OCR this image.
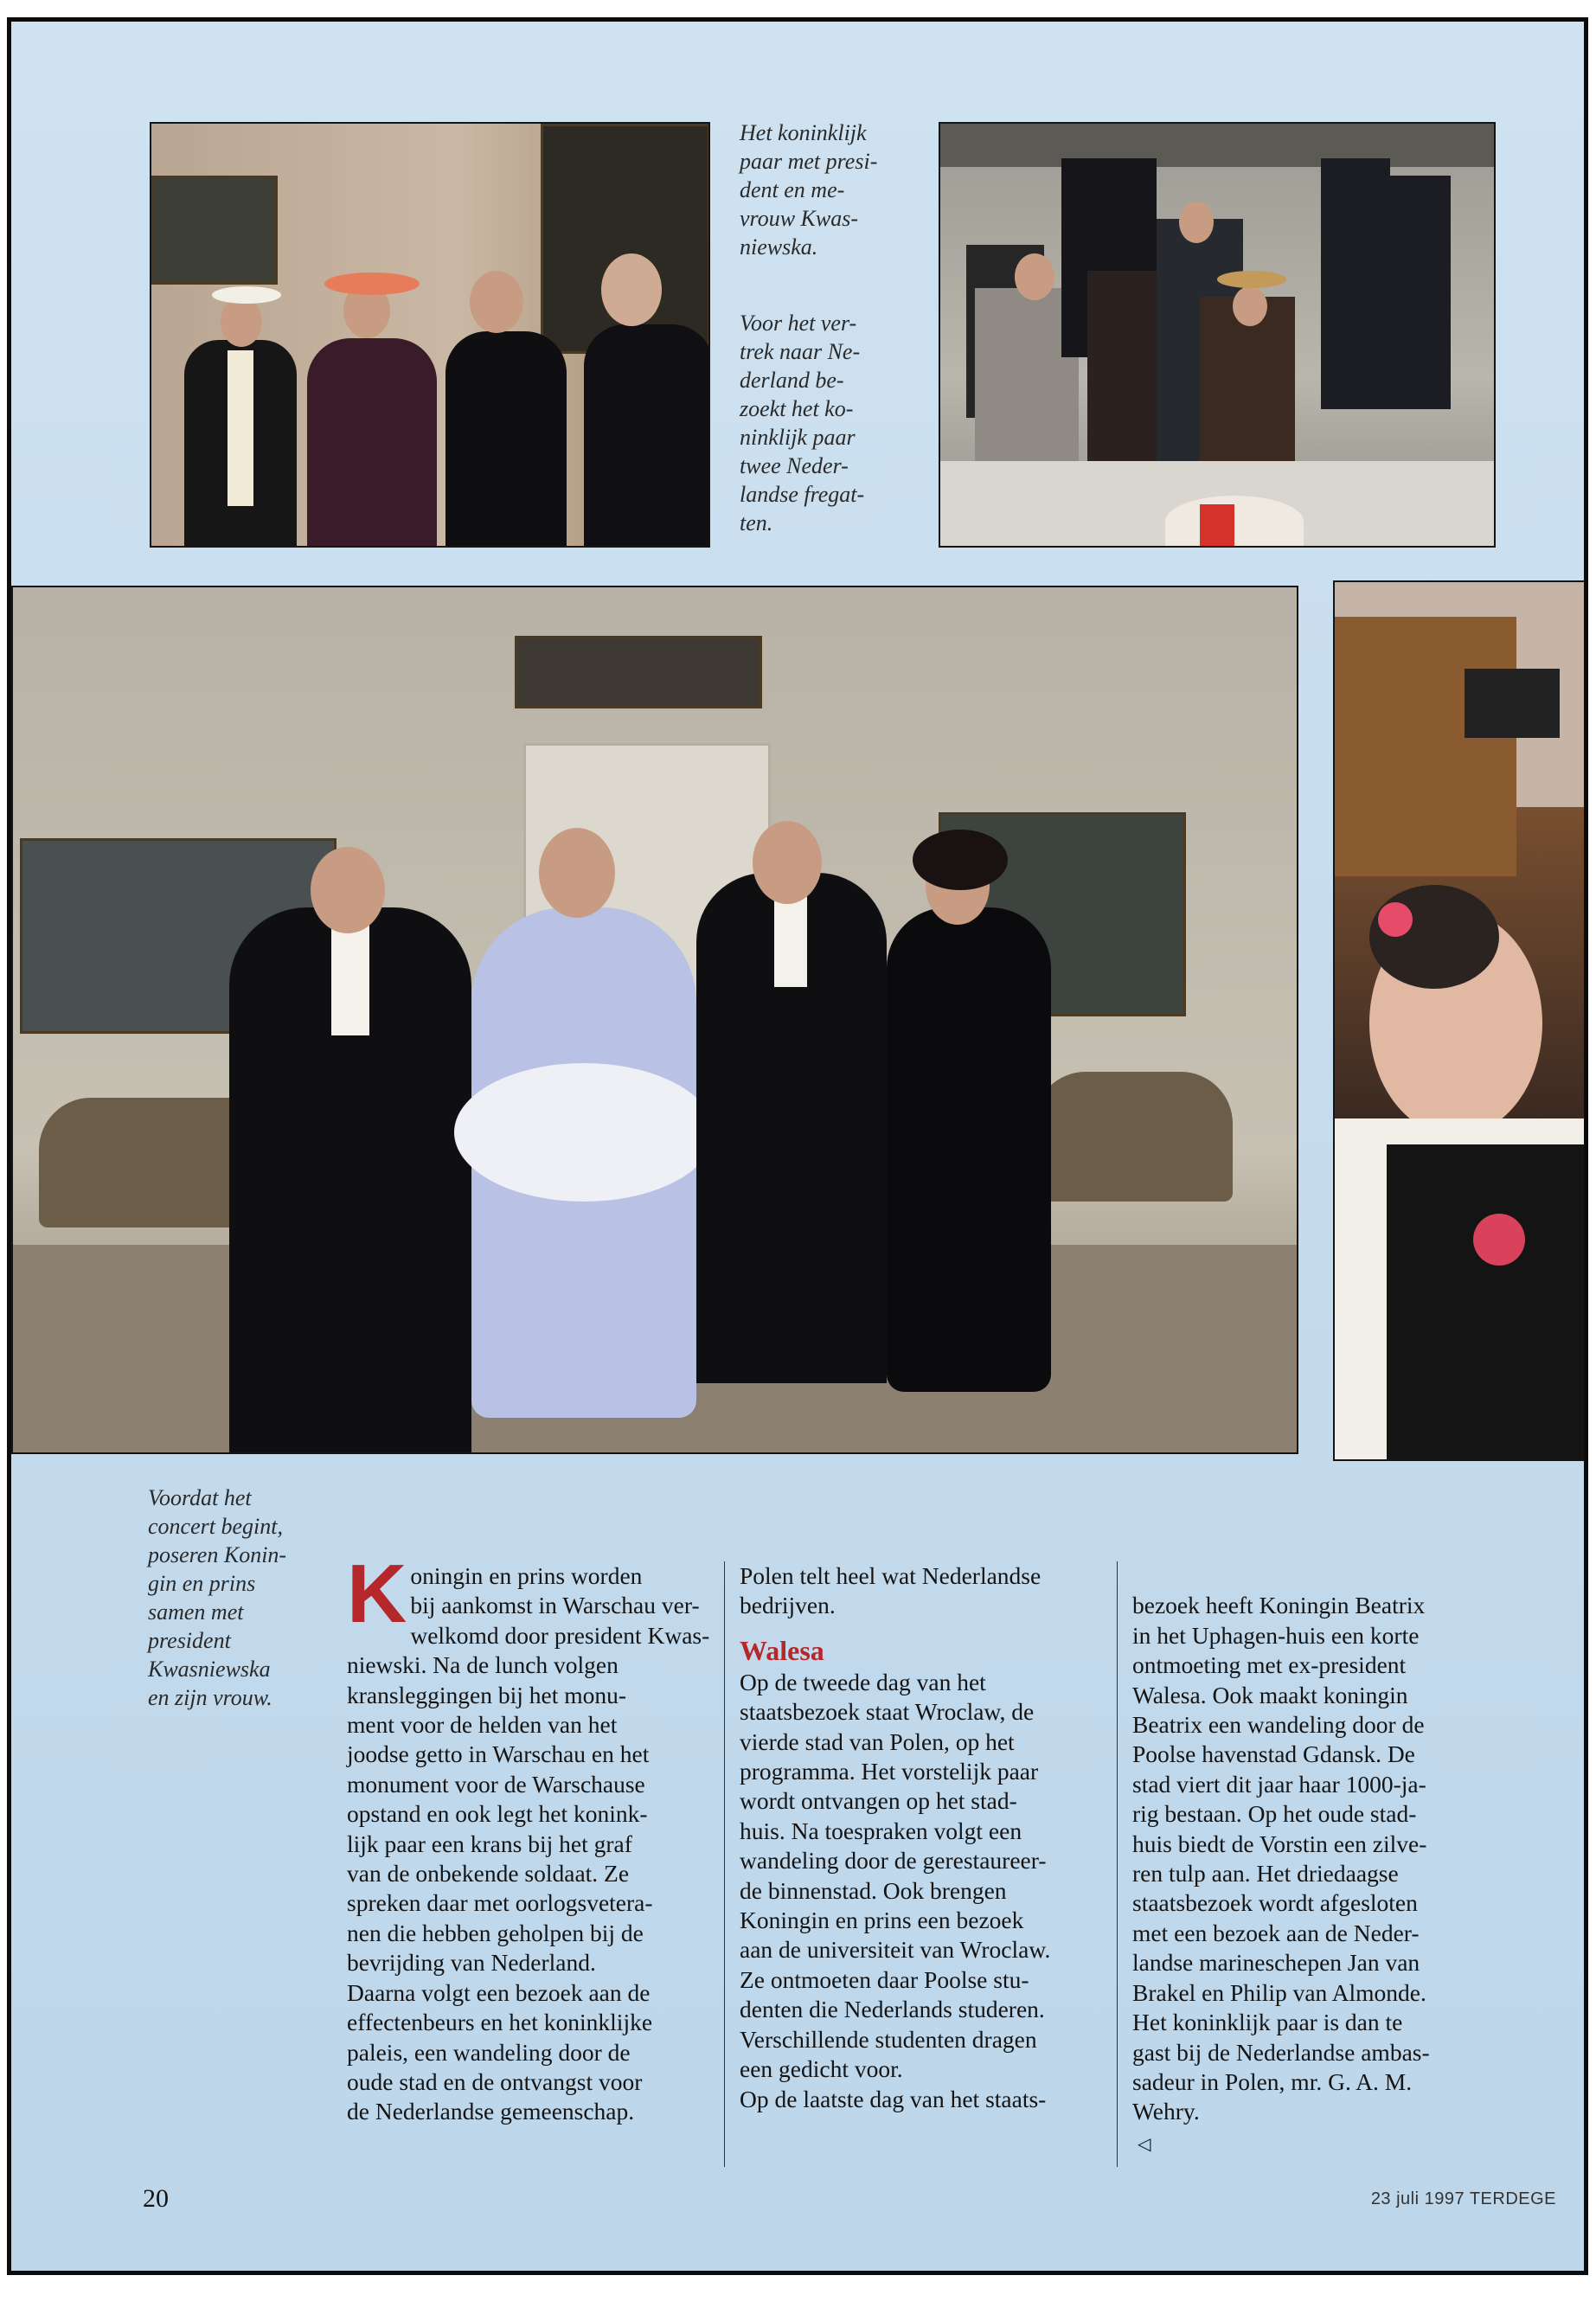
Het koninklijk
paar met presi-
dent en me-
vrouw Kwas-
niewska.
Voor het ver-
trek naar Ne-
derland be-
zoekt het ko-
ninklijk paar
twee Neder-
landse fregat-
ten.
Voordat het
concert begint,
poseren Konin-
gin en prins
samen met
president
Kwasniewska
en zijn vrouw.
K oningin en prins worden
bij aankomst in Warschau ver-
welkomd door president Kwas-
niewski. Na de lunch volgen
kransleggingen bij het monu-
ment voor de helden van het
joodse getto in Warschau en het
monument voor de Warschause
opstand en ook legt het konink-
lijk paar een krans bij het graf
van de onbekende soldaat. Ze
spreken daar met oorlogsvetera-
nen die hebben geholpen bij de
bevrijding van Nederland.
Daarna volgt een bezoek aan de
effectenbeurs en het koninklijke
paleis, een wandeling door de
oude stad en de ontvangst voor
de Nederlandse gemeenschap.

Polen telt heel wat Nederlandse
bedrijven.

Walesa

Op de tweede dag van het
staatsbezoek staat Wroclaw, de
vierde stad van Polen, op het
programma. Het vorstelijk paar
wordt ontvangen op het stad-
huis. Na toespraken volgt een
wandeling door de gerestaureer-
de binnenstad. Ook brengen
Koningin en prins een bezoek
aan de universiteit van Wroclaw.
Ze ontmoeten daar Poolse stu-
denten die Nederlands studeren.
Verschillende studenten dragen
een gedicht voor.
Op de laatste dag van het staats-

bezoek heeft Koningin Beatrix
in het Uphagen-huis een korte
ontmoeting met ex-president
Walesa. Ook maakt koningin
Beatrix een wandeling door de
Poolse havenstad Gdansk. De
stad viert dit jaar haar 1000-ja-
rig bestaan. Op het oude stad-
huis biedt de Vorstin een zilve-
ren tulp aan. Het driedaagse
staatsbezoek wordt afgesloten
met een bezoek aan de Neder-
landse marineschepen Jan van
Brakel en Philip van Almonde.
Het koninklijk paar is dan te
gast bij de Nederlandse ambas-
sadeur in Polen, mr. G. A. M.
Wehry.
◁

20	23 juli 1997 TERDEGE
